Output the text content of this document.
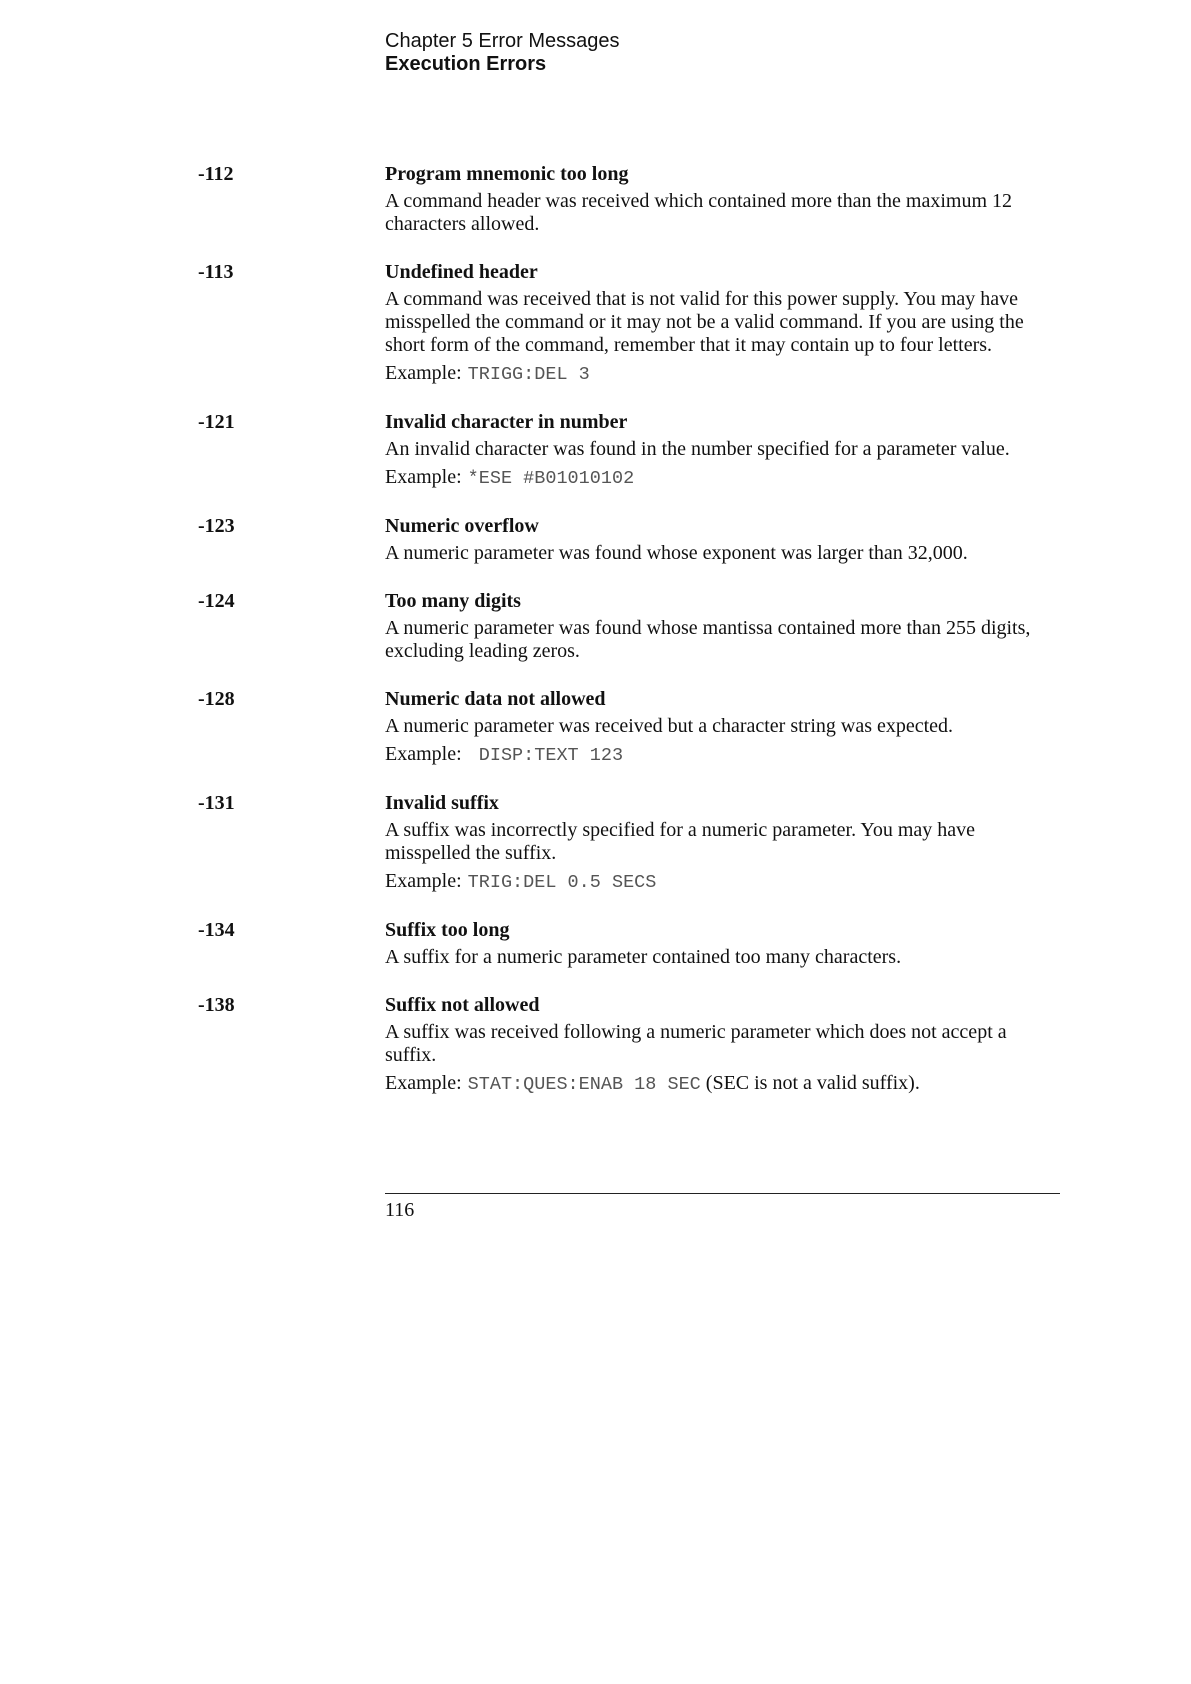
Chapter 5 Error Messages
Execution Errors
-112	Program mnemonic too long
A command header was received which contained more than the maximum 12 characters allowed.
-113	Undefined header
A command was received that is not valid for this power supply. You may have misspelled the command or it may not be a valid command. If you are using the short form of the command, remember that it may contain up to four letters.
Example: TRIGG:DEL 3
-121	Invalid character in number
An invalid character was found in the number specified for a parameter value.
Example: *ESE #B01010102
-123	Numeric overflow
A numeric parameter was found whose exponent was larger than 32,000.
-124	Too many digits
A numeric parameter was found whose mantissa contained more than 255 digits, excluding leading zeros.
-128	Numeric data not allowed
A numeric parameter was received but a character string was expected.
Example: DISP:TEXT 123
-131	Invalid suffix
A suffix was incorrectly specified for a numeric parameter. You may have misspelled the suffix.
Example: TRIG:DEL 0.5 SECS
-134	Suffix too long
A suffix for a numeric parameter contained too many characters.
-138	Suffix not allowed
A suffix was received following a numeric parameter which does not accept a suffix.
Example: STAT:QUES:ENAB 18 SEC (SEC is not a valid suffix).
116
